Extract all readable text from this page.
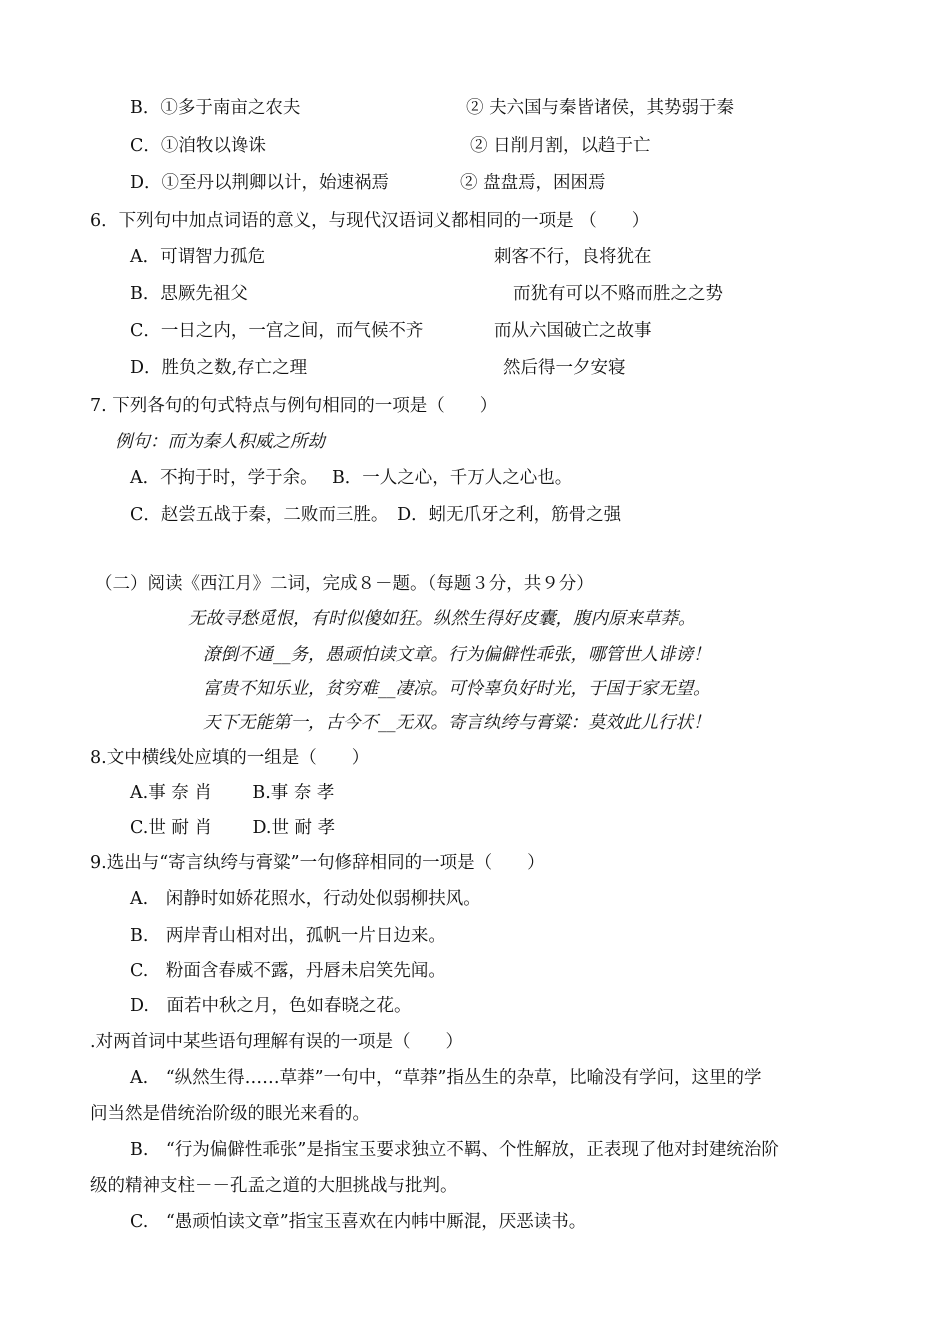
B．①多于南亩之农夫	② 夫六国与秦皆诸侯，其势弱于秦
C．①洎牧以谗诛	② 日削月割，以趋于亡
D．①至丹以荆卿以计，始速祸焉	② 盘盘焉，困困焉
6．下列句中加点词语的意义，与现代汉语词义都相同的一项是 （　　）
A．可谓智力孤危	刺客不行，良将犹在
B．思厥先祖父	而犹有可以不赂而胜之之势
C．一日之内，一宫之间，而气候不齐	而从六国破亡之故事
D．胜负之数,存亡之理	然后得一夕安寝
7. 下列各句的句式特点与例句相同的一项是（　　）
例句：而为秦人积威之所劫
A．不拘于时，学于余。　 B．一人之心，千万人之心也。
C．赵尝五战于秦，二败而三胜。　D．蚓无爪牙之利，筋骨之强
（二）阅读《西江月》二词，完成８－题。（每题３分，共９分）
无故寻愁觅恨，有时似傻如狂。纵然生得好皮囊，腹内原来草莽。
潦倒不通__务，愚顽怕读文章。行为偏僻性乖张，哪管世人诽谤！
富贵不知乐业，贫穷难__凄凉。可怜辜负好时光，于国于家无望。
天下无能第一，古今不__无双。寄言纨绔与膏粱：莫效此儿行状！
8.文中横线处应填的一组是（　　）
A.事 奈 肖　　 B.事 奈 孝
C.世 耐 肖　　 D.世 耐 孝
9.选出与“寄言纨绔与膏粱”一句修辞相同的一项是（　　）
A.　闲静时如娇花照水，行动处似弱柳扶风。
B.　两岸青山相对出，孤帆一片日边来。
C.　粉面含春威不露，丹唇未启笑先闻。
D.　面若中秋之月，色如春晓之花。
.对两首词中某些语句理解有误的一项是（　　）
A.　“纵然生得……草莽”一句中，“草莽”指丛生的杂草，比喻没有学问，这里的学
问当然是借统治阶级的眼光来看的。
B.　“行为偏僻性乖张”是指宝玉要求独立不羁、个性解放，正表现了他对封建统治阶
级的精神支柱－－孔孟之道的大胆挑战与批判。
C.　“愚顽怕读文章”指宝玉喜欢在内帏中厮混，厌恶读书。
